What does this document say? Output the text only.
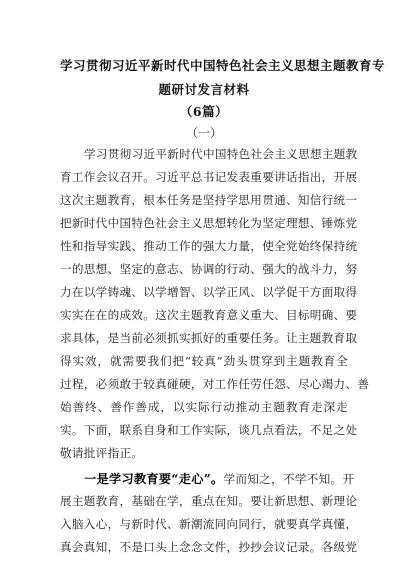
学习贯彻习近平新时代中国特色社会主义思想主题教育专
题研讨发言材料
（6篇）
（一）
学习贯彻习近平新时代中国特色社会主义思想主题教
育工作会议召开。习近平总书记发表重要讲话指出，开展
这次主题教育，根本任务是坚持学思用贯通、知信行统一
把新时代中国特色社会主义思想转化为坚定理想、锤炼党
性和指导实践、推动工作的强大力量，使全党始终保持统
一的思想、坚定的意志、协调的行动、强大的战斗力，努
力在以学铸魂、以学增智、以学正风、以学促干方面取得
实实在在的成效。这次主题教育意义重大、目标明确、要
求具体，是当前必须抓实抓好的重要任务。让主题教育取
得实效，就需要我们把“较真”劲头贯穿到主题教育全
过程，必须敢于较真碰硬，对工作任劳任怨、尽心竭力、善
始善终、善作善成，以实际行动推动主题教育走深走
实。下面，联系自身和工作实际，谈几点看法，不足之处
敬请批评指正。
一是学习教育要“走心”。学而知之，不学不知。开
展主题教育，基础在学，重点在知。要让新思想、新理论
入脑入心，与新时代、新潮流同向同行，就要真学真懂，
真会真知，不是口头上念念文件，抄抄会议记录。各级党
